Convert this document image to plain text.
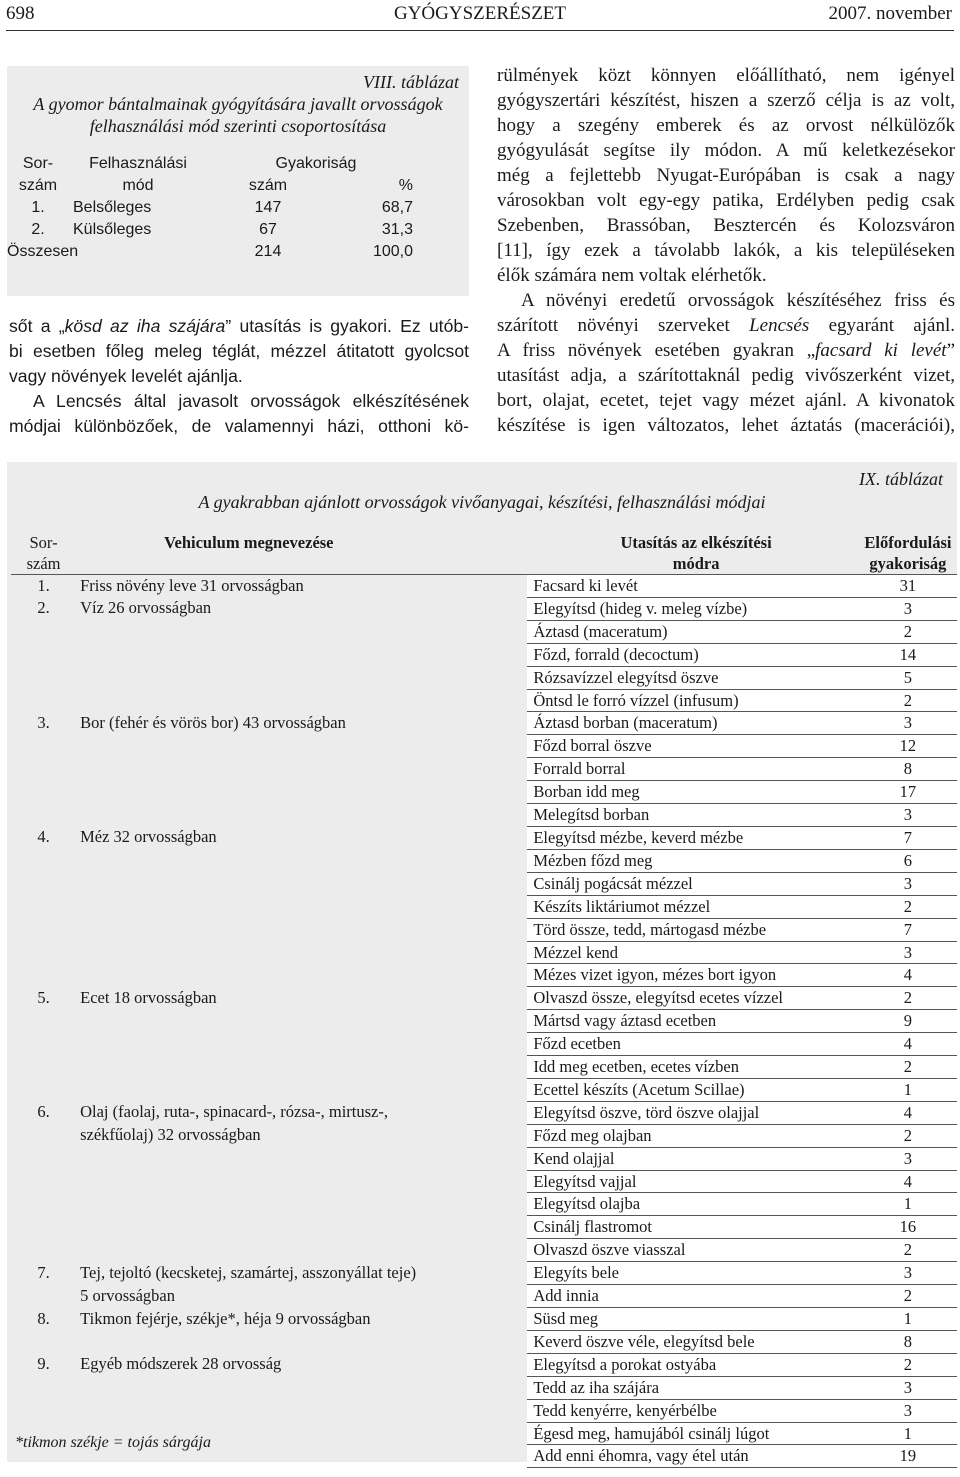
698	GYÓGYSZERÉSZET	2007. november
VIII. táblázat
A gyomor bántalmainak gyógyítására javallt orvosságok
felhasználási mód szerinti csoportosítása
Sor-	Felhasználási	Gyakoriság	
szám	mód	szám	%
1.	Belsőleges	147	68,7
2.	Külsőleges	67	31,3
Összesen		214	100,0
sőt a „kösd az iha szájára” utasítás is gyakori. Ez utób-
bi esetben főleg meleg téglát, mézzel átitatott gyolcsot
vagy növények levelét ajánlja.
A Lencsés által javasolt orvosságok elkészítésének
módjai különbözőek, de valamennyi házi, otthoni kö-
rülmények közt könnyen előállítható, nem igényel
gyógyszertári készítést, hiszen a szerző célja is az volt,
hogy a szegény emberek és az orvost nélkülözők
gyógyulását segítse ily módon. A mű keletkezésekor
még a fejlettebb Nyugat-Európában is csak a nagy
városokban volt egy-egy patika, Erdélyben pedig csak
Szebenben, Brassóban, Besztercén és Kolozsváron
[11], így ezek a távolabb lakók, a kis településeken
élők számára nem voltak elérhetők.
A növényi eredetű orvosságok készítéséhez friss és
szárított növényi szerveket Lencsés egyaránt ajánl.
A friss növények esetében gyakran „facsard ki levét”
utasítást adja, a szárítottaknál pedig vivőszerként vizet,
bort, olajat, ecetet, tejet vagy mézet ajánl. A kivonatok
készítése is igen változatos, lehet áztatás (macerációi),
IX. táblázat
A gyakrabban ajánlott orvosságok vivőanyagai, készítési, felhasználási módjai
Sor-
szám	Vehiculum megnevezése	Utasítás az elkészítési
módra	Előfordulási
gyakoriság

1.	Friss növény leve 31 orvosságban	Facsard ki levét	31
2.	Víz 26 orvosságban	Elegyítsd (hideg v. meleg vízbe)	3
		Áztasd (maceratum)	2
		Főzd, forrald (decoctum)	14
		Rózsavízzel elegyítsd öszve	5
		Öntsd le forró vízzel (infusum)	2
3.	Bor (fehér és vörös bor) 43 orvosságban	Áztasd borban (maceratum)	3
		Főzd borral öszve	12
		Forrald borral	8
		Borban idd meg	17
		Melegítsd borban	3
4.	Méz 32 orvosságban	Elegyítsd mézbe, keverd mézbe	7
		Mézben főzd meg	6
		Csinálj pogácsát mézzel	3
		Készíts liktáriumot mézzel	2
		Törd össze, tedd, mártogasd mézbe	7
		Mézzel kend	3
		Mézes vizet igyon, mézes bort igyon	4
5.	Ecet 18 orvosságban	Olvaszd össze, elegyítsd ecetes vízzel	2
		Mártsd vagy áztasd ecetben	9
		Főzd ecetben	4
		Idd meg ecetben, ecetes vízben	2
		Ecettel készíts (Acetum Scillae)	1
6.	Olaj (faolaj, ruta-, spinacard-, rózsa-, mirtusz-,	Elegyítsd öszve, törd öszve olajjal	4
	székfűolaj) 32 orvosságban	Főzd meg olajban	2
		Kend olajjal	3
		Elegyítsd vajjal	4
		Elegyítsd olajba	1
		Csinálj flastromot	16
		Olvaszd öszve viasszal	2
7.	Tej, tejoltó (kecsketej, szamártej, asszonyállat teje)	Elegyíts bele	3
	5 orvosságban	Add innia	2
8.	Tikmon fejérje, székje*, héja 9 orvosságban	Süsd meg	1
		Keverd öszve véle, elegyítsd bele	8
9.	Egyéb módszerek 28 orvosság	Elegyítsd a porokat ostyába	2
		Tedd az iha szájára	3
		Tedd kenyérre, kenyérbélbe	3
		Égesd meg, hamujából csinálj lúgot	1
		Add enni éhomra, vagy étel után	19
*tikmon székje = tojás sárgája
